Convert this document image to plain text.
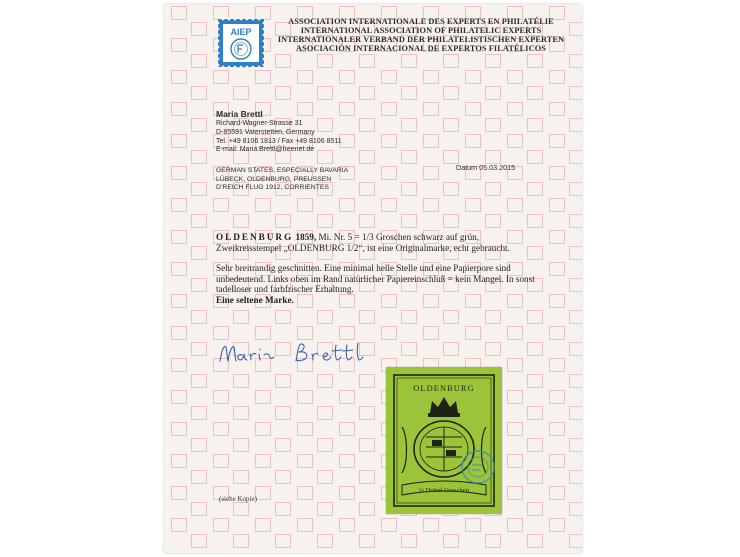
AIEP
ASSOCIATION INTERNATIONALE DES EXPERTS EN PHILATÉLIE
INTERNATIONAL ASSOCIATION OF PHILATELIC EXPERTS
INTERNATIONALER VERBAND DER PHILATELISTISCHEN EXPERTEN
ASOCIACIÓN INTERNACIONAL DE EXPERTOS FILATÉLICOS
Maria Brettl
Richard-Wagner-Strasse 31
D-85591 Vaterstetten, Germany
Tel. +49 8106 1813 / Fax +49 8106 8511
E-mail: Maria.Brettl@freenet.de
GERMAN STATES, ESPECIALLY BAVARIA
LÜBECK, OLDENBURG, PREUSSEN
D’REICH FLUG 1912, CORRIENTES
Datum 05.03.2015

OLDENBURG 1859, Mi. Nr. 5 = 1/3 Groschen schwarz auf grün, Zweikreisstempel „OLDENBURG 1/2“, ist eine Originalmarke, echt gebraucht.

Sehr breitrandig geschnitten. Eine minimal helle Stelle und eine Papierpore sind unbedeutend. Links oben im Rand natürlicher Papiereinschluß = kein Mangel. In sonst tadelloser und farbfrischer Erhaltung.
Eine seltene Marke.

OLDENBURG
⅓ Drittel Groschen
(siehe Kopie)
